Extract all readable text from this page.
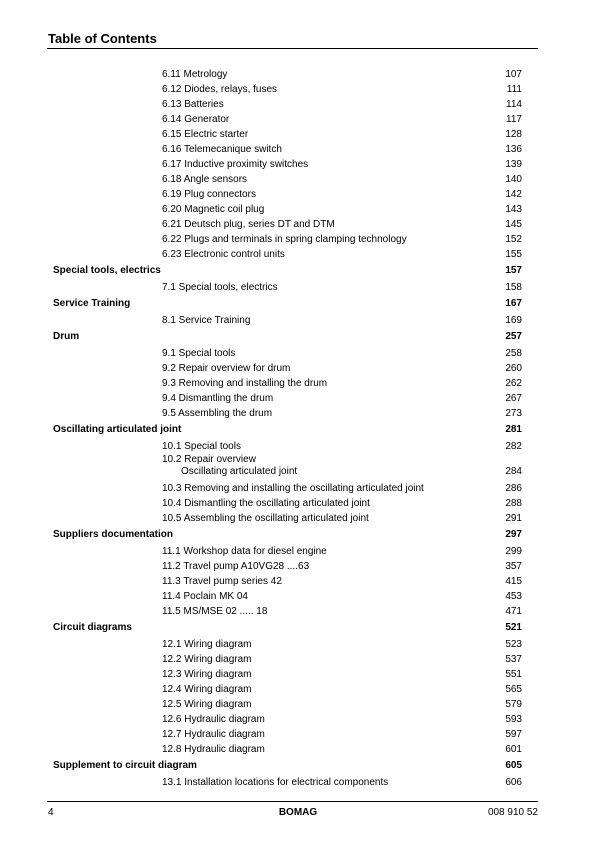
Table of Contents
6.11 Metrology	107
6.12 Diodes, relays, fuses	111
6.13 Batteries	114
6.14 Generator	117
6.15 Electric starter	128
6.16 Telemecanique switch	136
6.17 Inductive proximity switches	139
6.18 Angle sensors	140
6.19 Plug connectors	142
6.20 Magnetic coil plug	143
6.21 Deutsch plug, series DT and DTM	145
6.22 Plugs and terminals in spring clamping technology	152
6.23 Electronic control units	155
Special tools, electrics	157
7.1 Special tools, electrics	158
Service Training	167
8.1 Service Training	169
Drum	257
9.1 Special tools	258
9.2 Repair overview for drum	260
9.3 Removing and installing the drum	262
9.4 Dismantling the drum	267
9.5 Assembling the drum	273
Oscillating articulated joint	281
10.1 Special tools	282
10.2 Repair overview
Oscillating articulated joint	284
10.3 Removing and installing the oscillating articulated joint	286
10.4 Dismantling the oscillating articulated joint	288
10.5 Assembling the oscillating articulated joint	291
Suppliers documentation	297
11.1 Workshop data for diesel engine	299
11.2 Travel pump A10VG28 ....63	357
11.3 Travel pump series 42	415
11.4 Poclain MK 04	453
11.5 MS/MSE 02 ..... 18	471
Circuit diagrams	521
12.1 Wiring diagram	523
12.2 Wiring diagram	537
12.3 Wiring diagram	551
12.4 Wiring diagram	565
12.5 Wiring diagram	579
12.6 Hydraulic diagram	593
12.7 Hydraulic diagram	597
12.8 Hydraulic diagram	601
Supplement to circuit diagram	605
13.1 Installation locations for electrical components	606
4	BOMAG	008 910 52
